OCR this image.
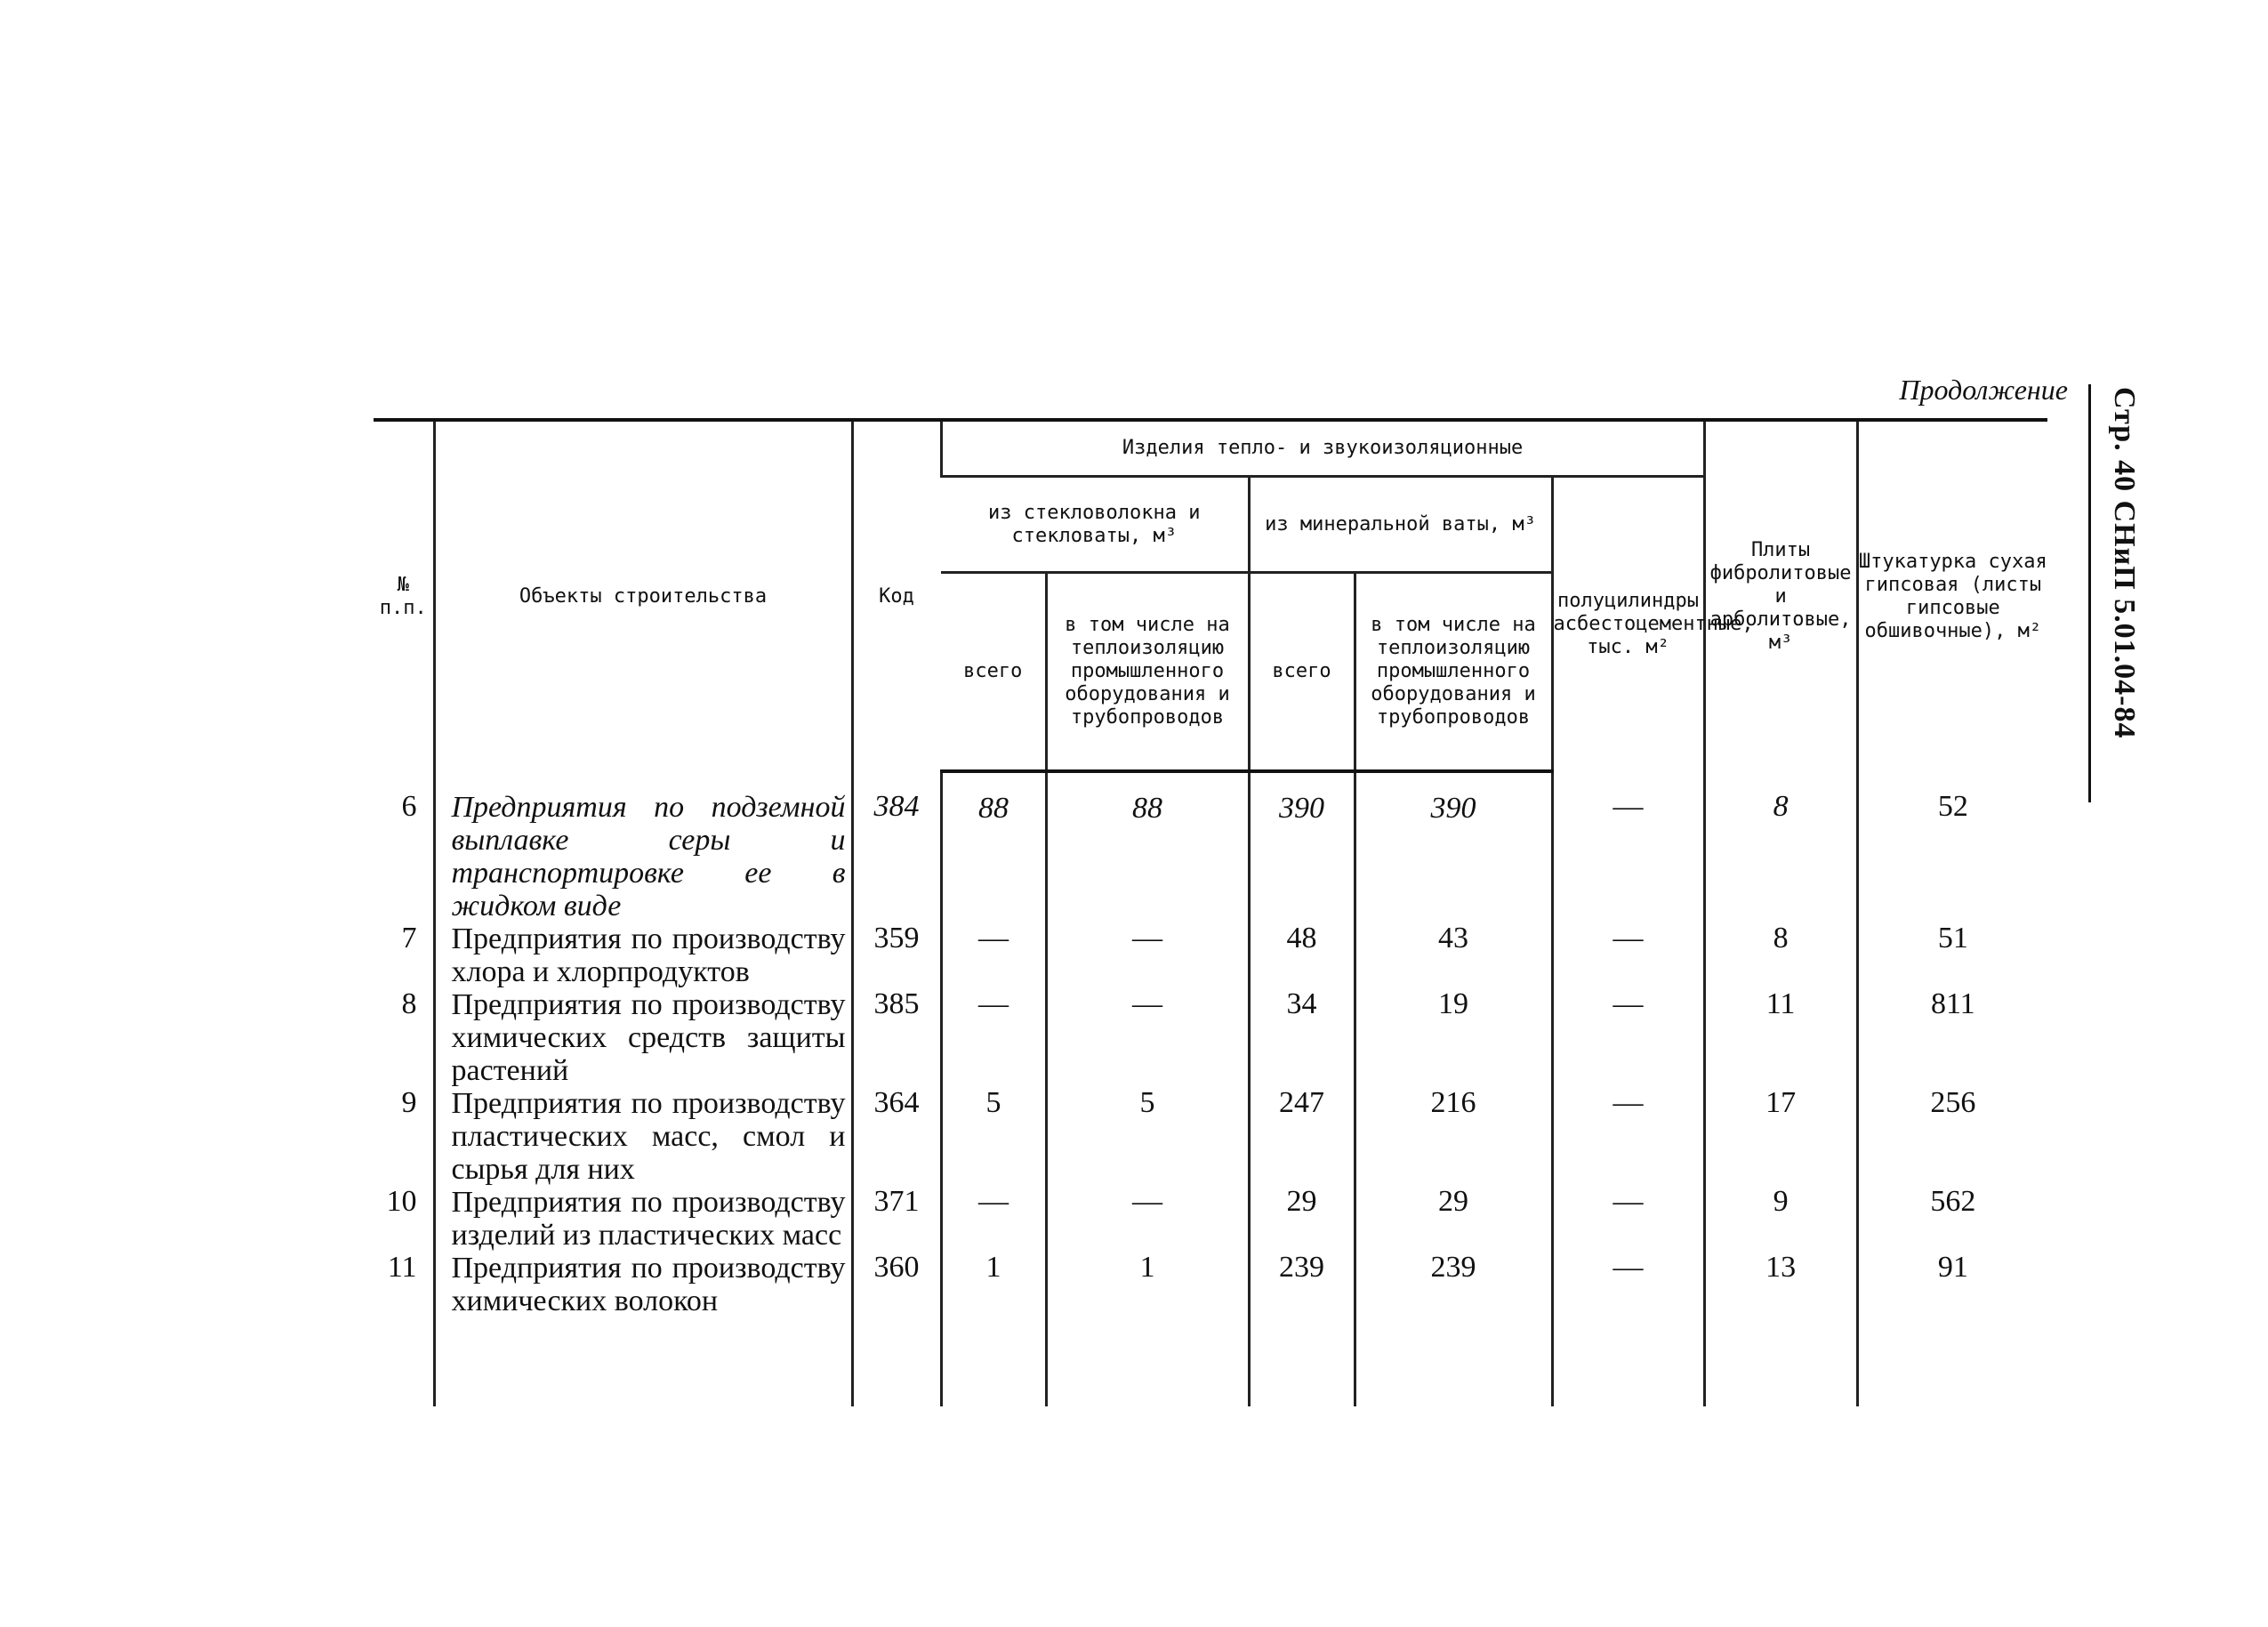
Продолжение Стр. 40 СНиП 5.01.04-84
№ п.п.	Объекты строительства	Код	Изделия тепло- и звукоизоляционные					Плиты фибролитовые и арболитовые, м³	Штукатурка сухая гипсовая (листы гипсовые обшивочные), м²
			из стекловолокна и стекловаты, м³		из минеральной ваты, м³		полуцилиндры асбестоцементные, тыс. м²		
			всего	в том числе на теплоизоляцию промышленного оборудования и трубопроводов	всего	в том числе на теплоизоляцию промышленного оборудования и трубопроводов			
6	Предприятия по подземной выплавке серы и транспортировке ее в жидком виде	384	88	88	390	390	—	8	52
7	Предприятия по производству хлора и хлорпродуктов	359	—	—	48	43	—	8	51
8	Предприятия по производству химических средств защиты растений	385	—	—	34	19	—	11	811
9	Предприятия по производству пластических масс, смол и сырья для них	364	5	5	247	216	—	17	256
10	Предприятия по производству изделий из пластических масс	371	—	—	29	29	—	9	562
11	Предприятия по производству химических волокон	360	1	1	239	239	—	13	91
